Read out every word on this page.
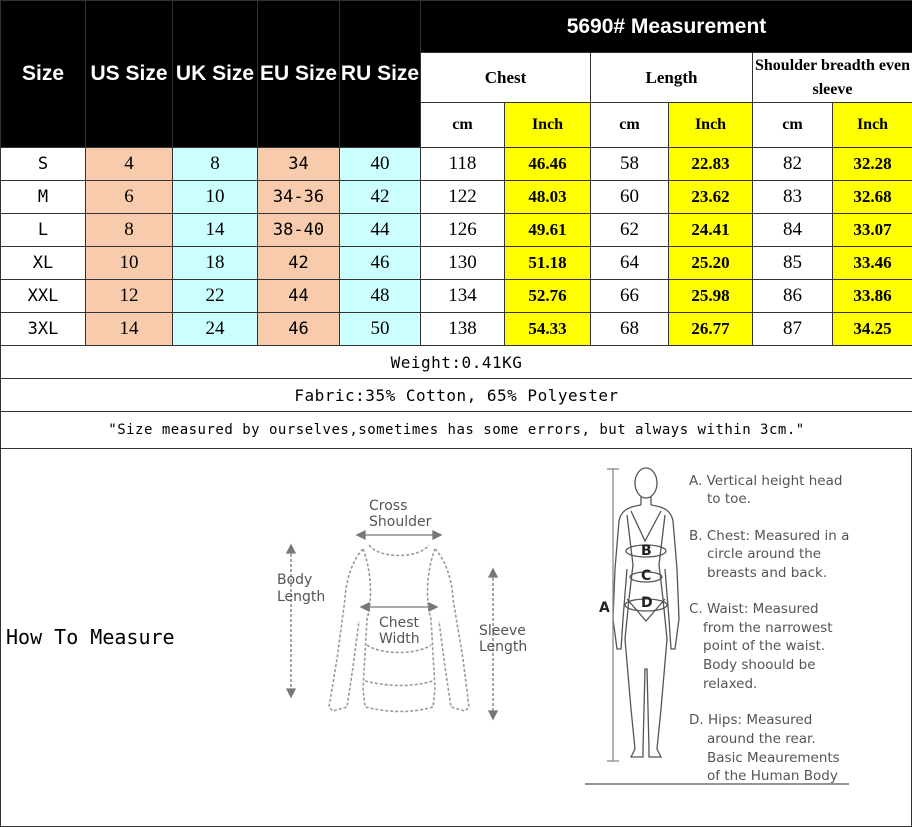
Size	US Size	UK Size	EU Size	RU Size	5690# Measurement					
					Chest		Length		Shoulder breadth even sleeve	
					cm	Inch	cm	Inch	cm	Inch
S	4	8	34	40	118	46.46	58	22.83	82	32.28
M	6	10	34-36	42	122	48.03	60	23.62	83	32.68
L	8	14	38-40	44	126	49.61	62	24.41	84	33.07
XL	10	18	42	46	130	51.18	64	25.20	85	33.46
XXL	12	22	44	48	134	52.76	66	25.98	86	33.86
3XL	14	24	46	50	138	54.33	68	26.77	87	34.25
Weight:0.41KG										
Fabric:35% Cotton, 65% Polyester										
"Size measured by ourselves,sometimes has some errors, but always within 3cm."										
How To Measure
Cross
Shoulder
Body
Length
Chest
Width	Sleeve
Length
A
B
C
D
A. Vertical height head
to toe.
B. Chest: Measured in a
circle around the
breasts and back.
C. Waist: Measured
from the narrowest
point of the waist.
Body shoould be
relaxed.
D. Hips: Measured
around the rear.
Basic Meaurements
of the Human Body
